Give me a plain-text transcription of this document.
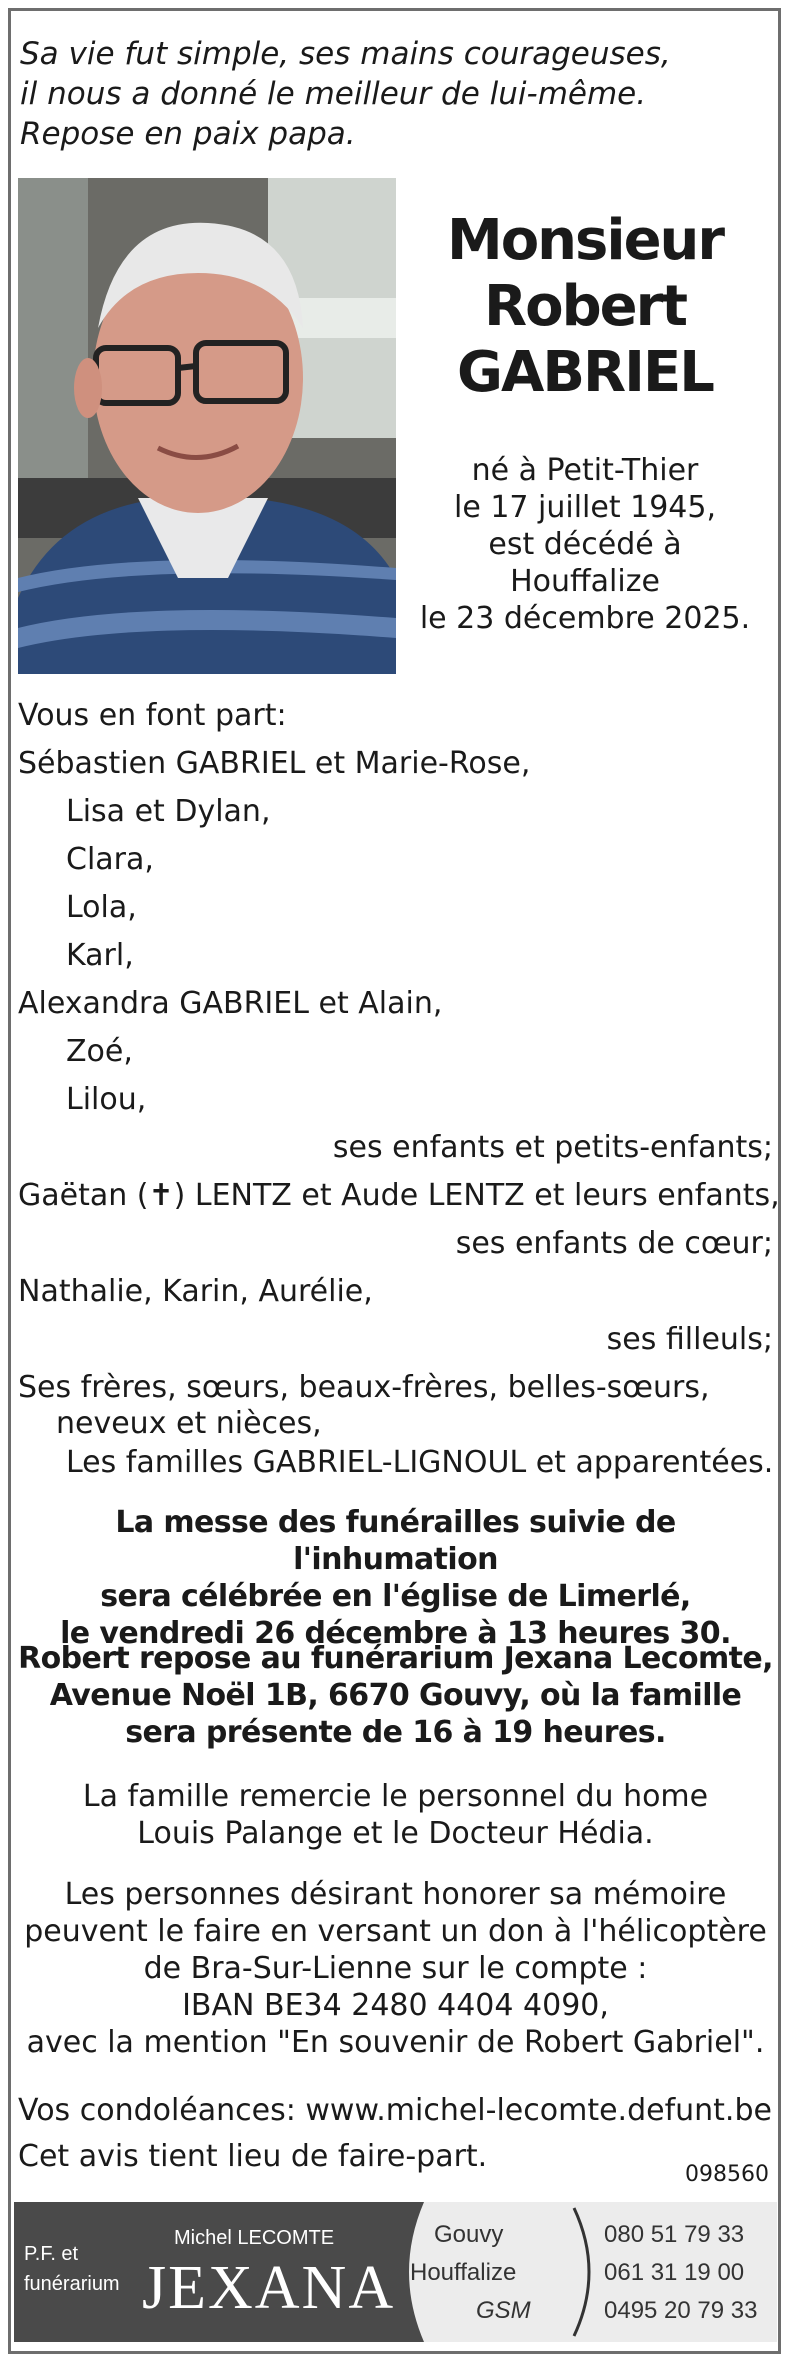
Sa vie fut simple, ses mains courageuses,
il nous a donné le meilleur de lui-même.
Repose en paix papa.
Monsieur
Robert
GABRIEL
né à Petit-Thier
le 17 juillet 1945,
est décédé à Houffalize
le 23 décembre 2025.
Vous en font part:
Sébastien GABRIEL et Marie-Rose,
Lisa et Dylan,
Clara,
Lola,
Karl,
Alexandra GABRIEL et Alain,
Zoé,
Lilou,
ses enfants et petits-enfants;
Gaëtan (✝) LENTZ et Aude LENTZ et leurs enfants,
ses enfants de cœur;
Nathalie, Karin, Aurélie,
ses filleuls;
Ses frères, sœurs, beaux-frères, belles-sœurs,
neveux et nièces,
Les familles GABRIEL-LIGNOUL et apparentées.
La messe des funérailles suivie de l'inhumation
sera célébrée en l'église de Limerlé,
le vendredi 26 décembre à 13 heures 30.
Robert repose au funérarium Jexana Lecomte,
Avenue Noël 1B, 6670 Gouvy, où la famille
sera présente de 16 à 19 heures.
La famille remercie le personnel du home
Louis Palange et le Docteur Hédia.
Les personnes désirant honorer sa mémoire
peuvent le faire en versant un don à l'hélicoptère
de Bra-Sur-Lienne sur le compte :
IBAN BE34 2480 4404 4090,
avec la mention "En souvenir de Robert Gabriel".
Vos condoléances: www.michel-lecomte.defunt.be
Cet avis tient lieu de faire-part.
098560
P.F. et
funérarium
Michel LECOMTE
JEXANA
Gouvy
Houffalize
GSM
080 51 79 33
061 31 19 00
0495 20 79 33
